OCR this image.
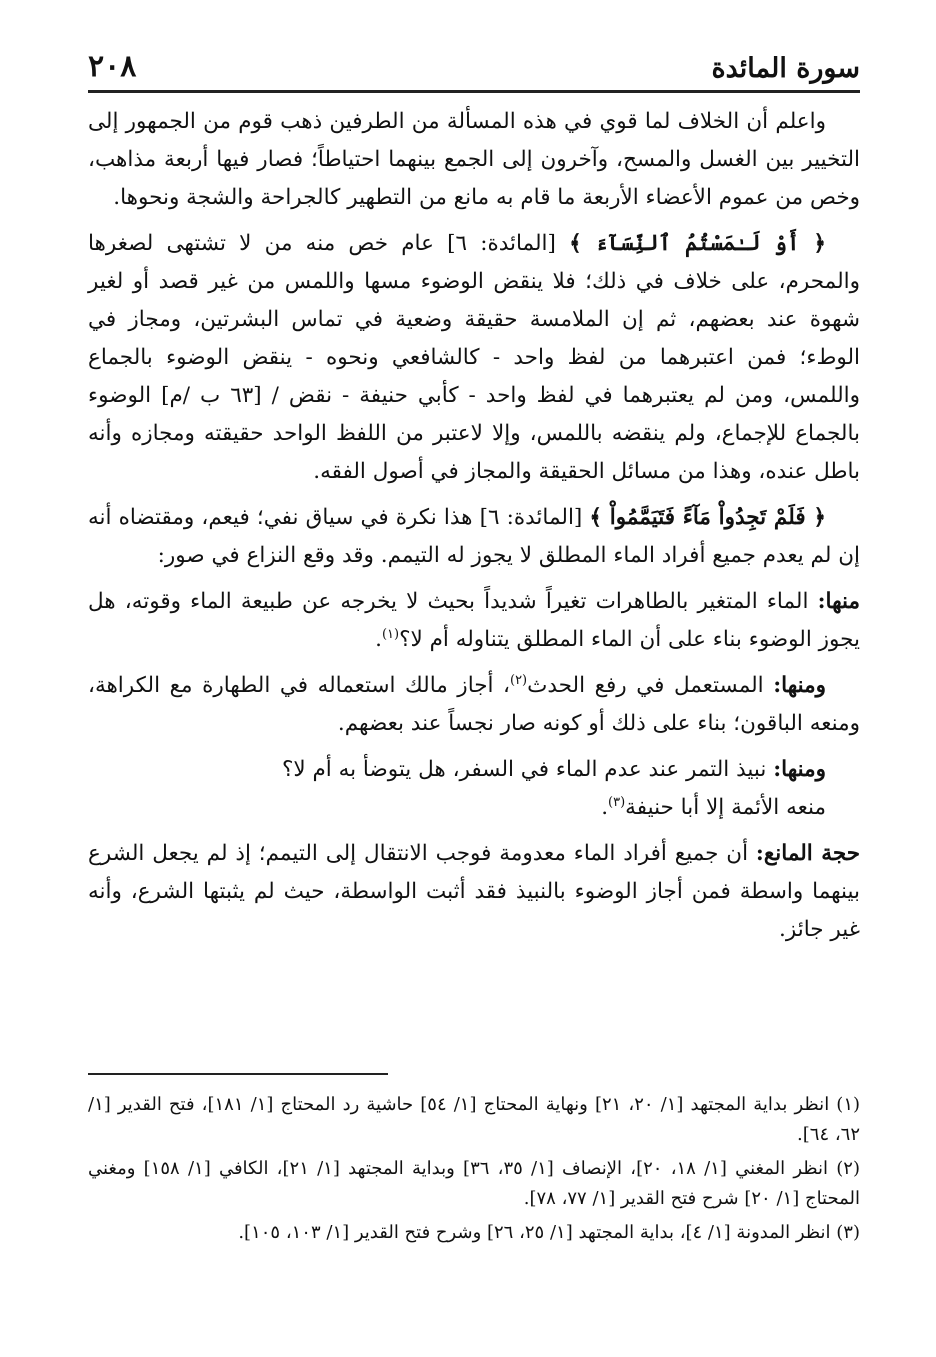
سورة المائدة
٢٠٨

واعلم أن الخلاف لما قوي في هذه المسألة من الطرفين ذهب قوم من الجمهور إلى التخيير بين الغسل والمسح، وآخرون إلى الجمع بينهما احتياطاً؛ فصار فيها أربعة مذاهب، وخص من عموم الأعضاء الأربعة ما قام به مانع من التطهير كالجراحة والشجة ونحوها.

﴿ أَوْ لَـٰمَسْتُمُ ٱلنِّسَآءَ ﴾ [المائدة: ٦] عام خص منه من لا تشتهى لصغرها والمحرم، على خلاف في ذلك؛ فلا ينقض الوضوء مسها واللمس من غير قصد أو لغير شهوة عند بعضهم، ثم إن الملامسة حقيقة وضعية في تماس البشرتين، ومجاز في الوطء؛ فمن اعتبرهما من لفظ واحد - كالشافعي ونحوه - ينقض الوضوء بالجماع واللمس، ومن لم يعتبرهما في لفظ واحد - كأبي حنيفة - نقض / [٦٣ ب /م] الوضوء بالجماع للإجماع، ولم ينقضه باللمس، وإلا لاعتبر من اللفظ الواحد حقيقته ومجازه وأنه باطل عنده، وهذا من مسائل الحقيقة والمجاز في أصول الفقه.

﴿ فَلَمْ تَجِدُواْ مَآءً فَتَيَمَّمُواْ ﴾ [المائدة: ٦] هذا نكرة في سياق نفي؛ فيعم، ومقتضاه أنه إن لم يعدم جميع أفراد الماء المطلق لا يجوز له التيمم. وقد وقع النزاع في صور:

منها: الماء المتغير بالطاهرات تغيراً شديداً بحيث لا يخرجه عن طبيعة الماء وقوته، هل يجوز الوضوء بناء على أن الماء المطلق يتناوله أم لا؟$^{(١)}$.

ومنها: المستعمل في رفع الحدث$^{(٢)}$، أجاز مالك استعماله في الطهارة مع الكراهة، ومنعه الباقون؛ بناء على ذلك أو كونه صار نجساً عند بعضهم.

ومنها: نبيذ التمر عند عدم الماء في السفر، هل يتوضأ به أم لا؟

منعه الأئمة إلا أبا حنيفة$^{(٣)}$.

حجة المانع: أن جميع أفراد الماء معدومة فوجب الانتقال إلى التيمم؛ إذ لم يجعل الشرع بينهما واسطة فمن أجاز الوضوء بالنبيذ فقد أثبت الواسطة، حيث لم يثبتها الشرع، وأنه غير جائز.

(١) انظر بداية المجتهد [١/ ٢٠، ٢١] ونهاية المحتاج [١/ ٥٤] حاشية رد المحتاج [١/ ١٨١]، فتح القدير [١/ ٦٢، ٦٤].

(٢) انظر المغني [١/ ١٨، ٢٠]، الإنصاف [١/ ٣٥، ٣٦] وبداية المجتهد [١/ ٢١]، الكافي [١/ ١٥٨] ومغني المحتاج [١/ ٢٠] شرح فتح القدير [١/ ٧٧، ٧٨].

(٣) انظر المدونة [١/ ٤]، بداية المجتهد [١/ ٢٥، ٢٦] وشرح فتح القدير [١/ ١٠٣، ١٠٥].
